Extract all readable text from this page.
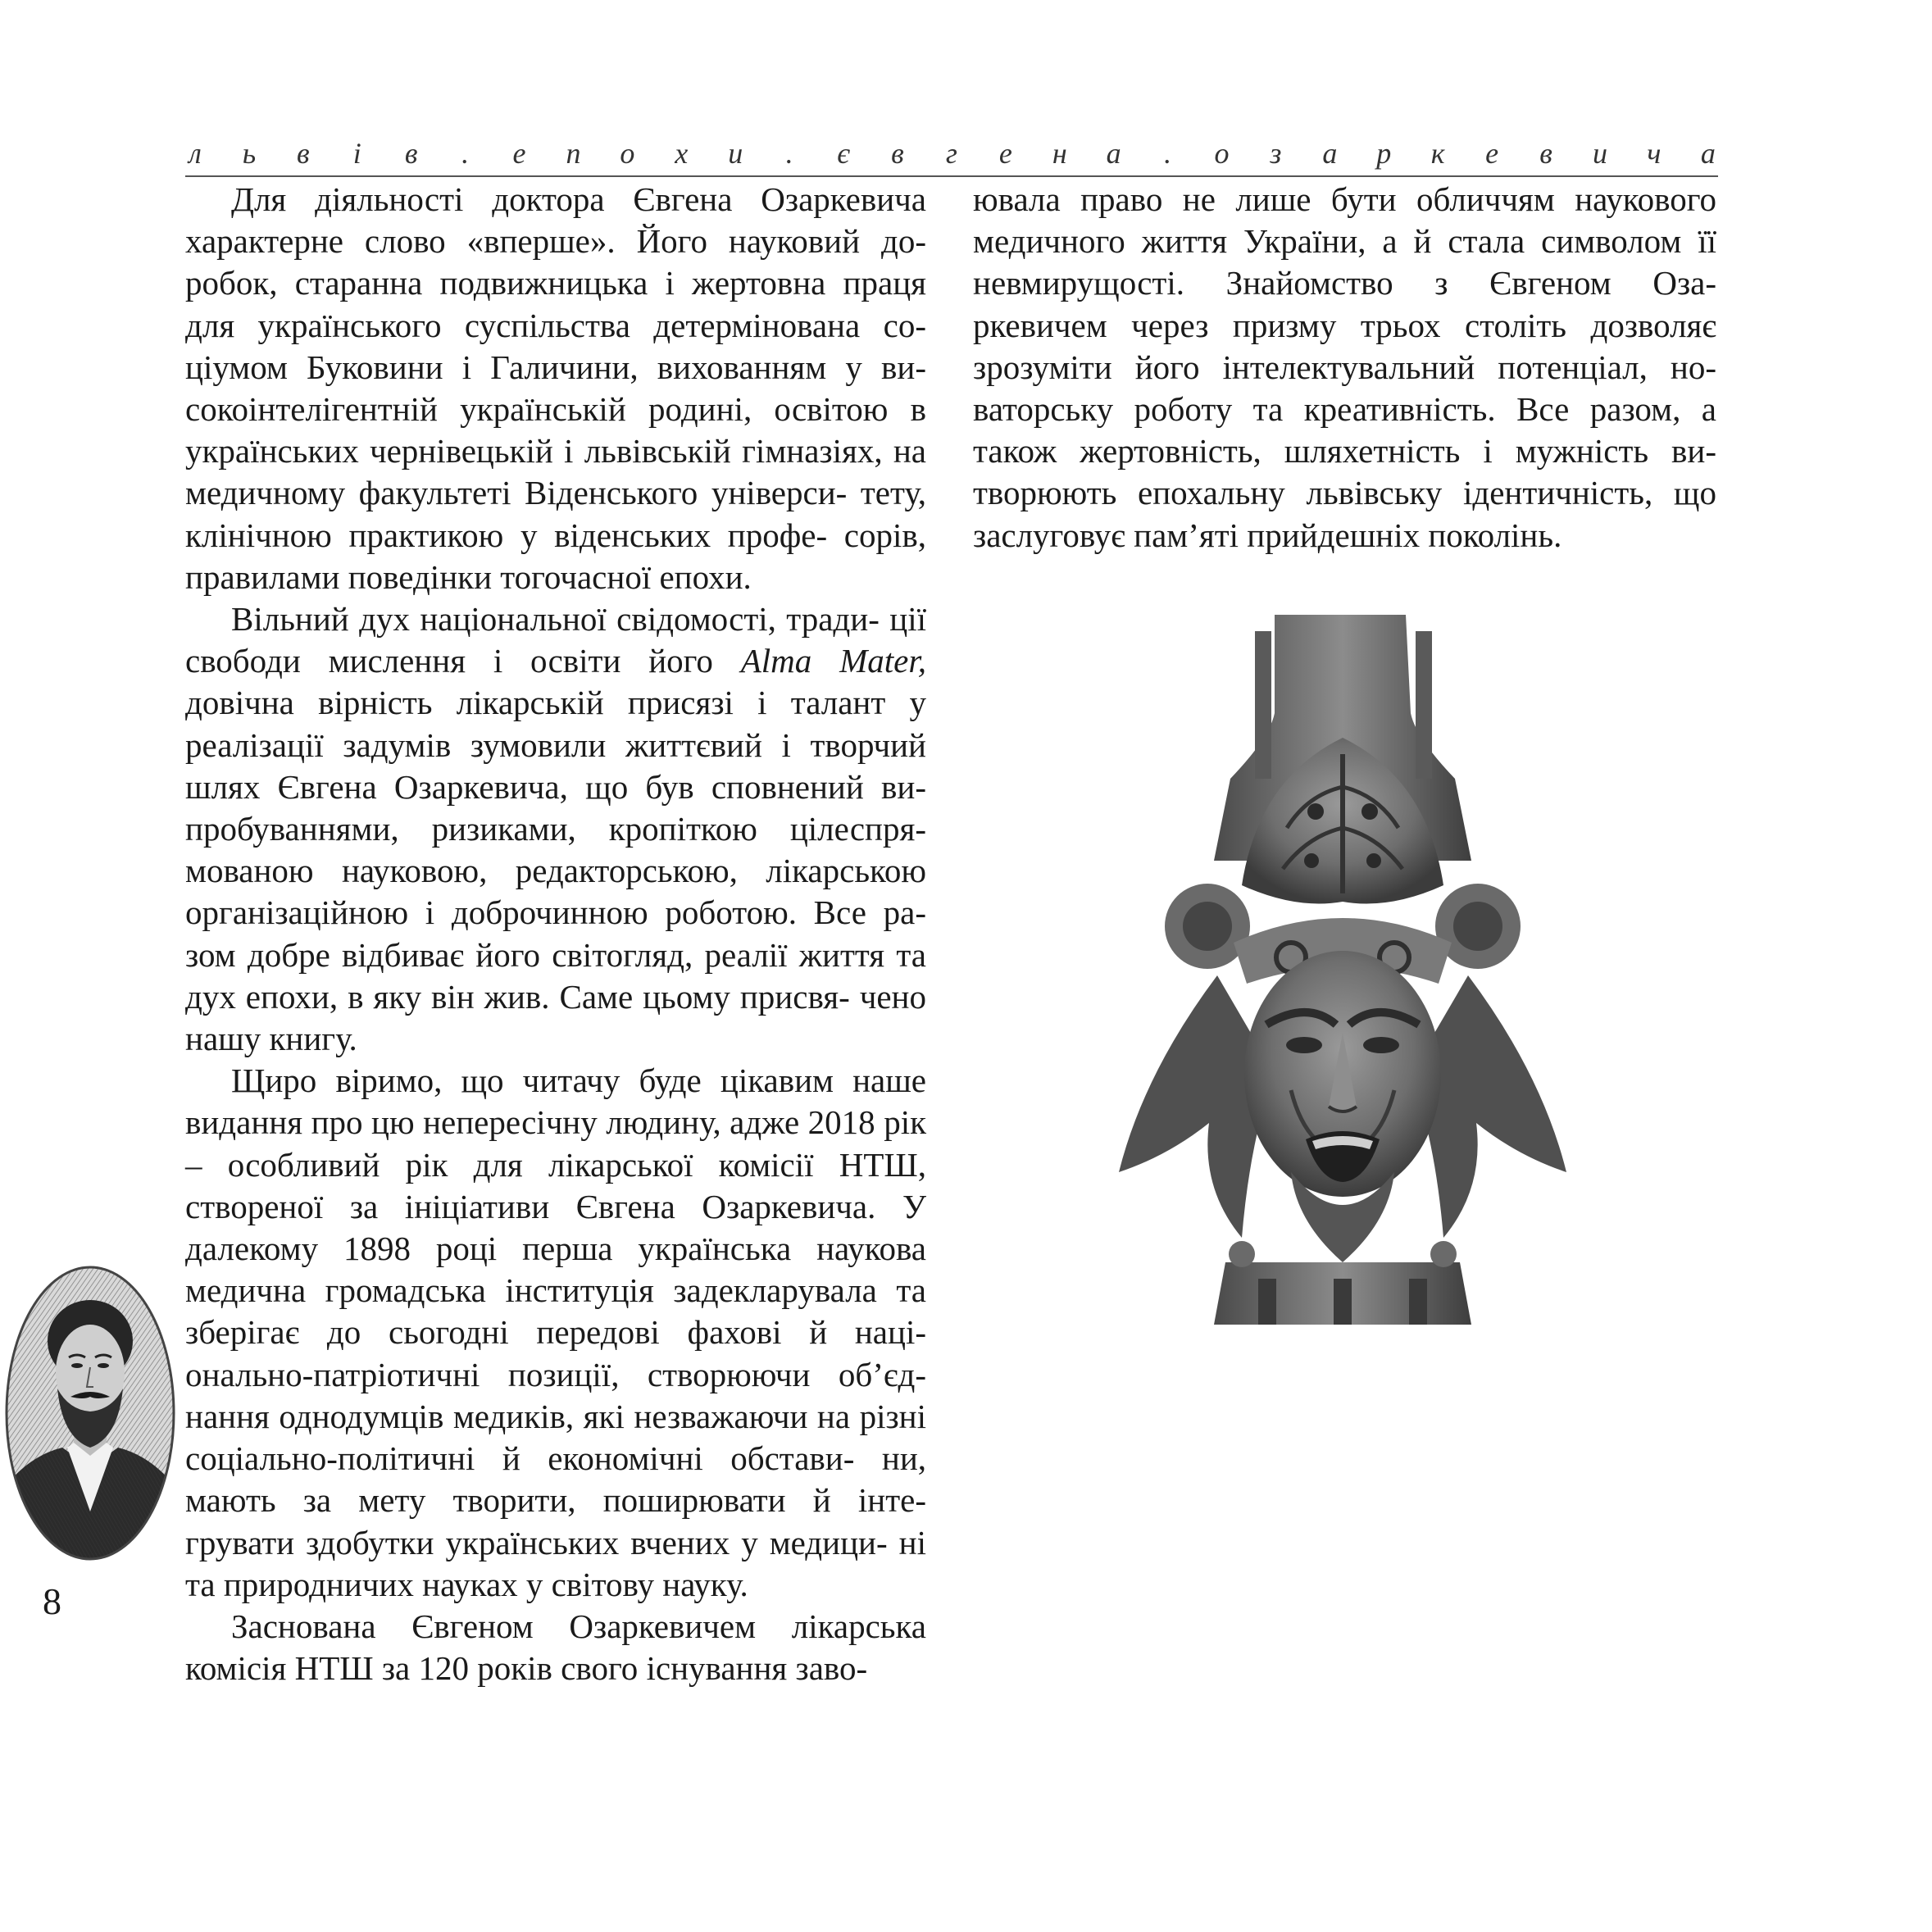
л ь в і в . е п о х и . є в г е н а . о з а р к е в и ч а

Для діяльності доктора Євгена Озаркевича характерне слово «вперше». Його науковий до- робок, старанна подвижницька і жертовна праця для українського суспільства детермінована со- ціумом Буковини і Галичини, вихованням у ви- сокоінтелігентній українській родині, освітою в українських чернівецькій і львівській гімназіях, на медичному факультеті Віденського універси- тету, клінічною практикою у віденських профе- сорів, правилами поведінки тогочасної епохи.

Вільний дух національної свідомості, тради- ції свободи мислення і освіти його Alma Mater, довічна вірність лікарській присязі і талант у реалізації задумів зумовили життєвий і творчий шлях Євгена Озаркевича, що був сповнений ви- пробуваннями, ризиками, кропіткою цілеспря- мованою науковою, редакторською, лікарською організаційною і доброчинною роботою. Все ра- зом добре відбиває його світогляд, реалії життя та дух епохи, в яку він жив. Саме цьому присвя- чено нашу книгу.

Щиро віримо, що читачу буде цікавим наше видання про цю непересічну людину, адже 2018 рік – особливий рік для лікарської комісії НТШ, створеної за ініціативи Євгена Озаркевича. У далекому 1898 році перша українська наукова медична громадська інституція задекларувала та зберігає до сьогодні передові фахові й наці- онально-патріотичні позиції, створюючи об’єд- нання однодумців медиків, які незважаючи на різні соціально-політичні й економічні обстави- ни, мають за мету творити, поширювати й інте- грувати здобутки українських вчених у медици- ні та природничих науках у світову науку.

Заснована Євгеном Озаркевичем лікарська комісія НТШ за 120 років свого існування заво-

ювала право не лише бути обличчям наукового медичного життя України, а й стала символом її невмирущості. Знайомство з Євгеном Оза- ркевичем через призму трьох століть дозволяє зрозуміти його інтелектувальний потенціал, но- ваторську роботу та креативність. Все разом, а також жертовність, шляхетність і мужність ви- творюють епохальну львівську ідентичність, що заслуговує пам’яті прийдешніх поколінь.

8
